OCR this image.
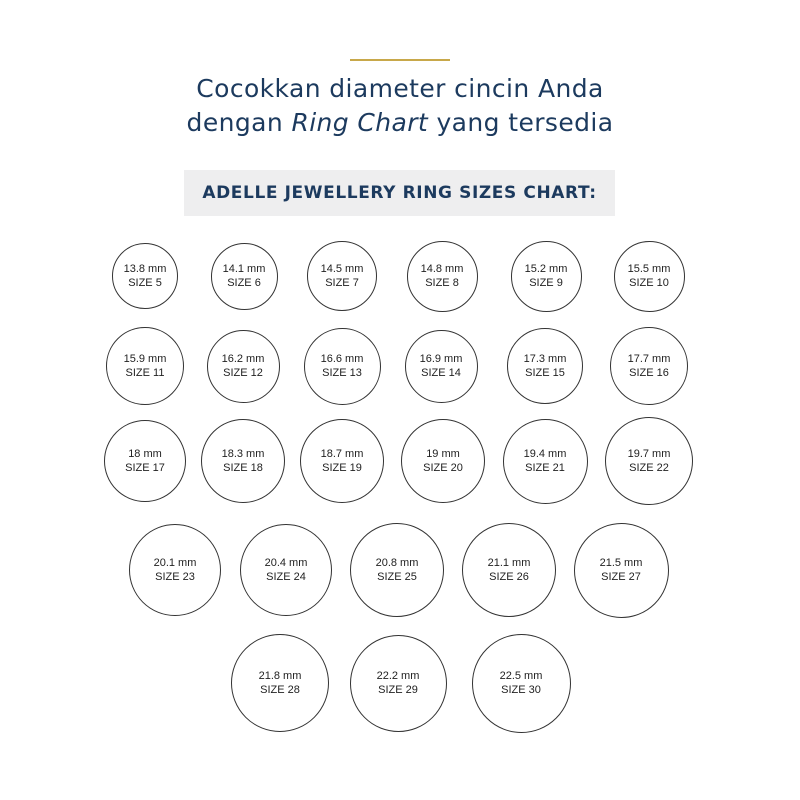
Cocokkan diameter cincin Anda
dengan Ring Chart yang tersedia
ADELLE JEWELLERY RING SIZES CHART:
13.8 mm
SIZE 5
14.1 mm
SIZE 6
14.5 mm
SIZE 7
14.8 mm
SIZE 8
15.2 mm
SIZE 9
15.5 mm
SIZE 10
15.9 mm
SIZE 11
16.2 mm
SIZE 12
16.6 mm
SIZE 13
16.9 mm
SIZE 14
17.3 mm
SIZE 15
17.7 mm
SIZE 16
18 mm
SIZE 17
18.3 mm
SIZE 18
18.7 mm
SIZE 19
19 mm
SIZE 20
19.4 mm
SIZE 21
19.7 mm
SIZE 22
20.1 mm
SIZE 23
20.4 mm
SIZE 24
20.8 mm
SIZE 25
21.1 mm
SIZE 26
21.5 mm
SIZE 27
21.8 mm
SIZE 28
22.2 mm
SIZE 29
22.5 mm
SIZE 30
